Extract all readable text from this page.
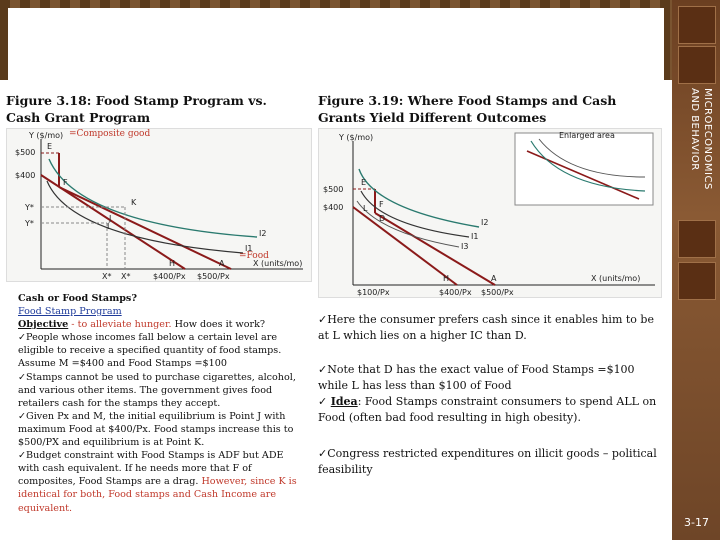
MICROECONOMICS
AND BEHAVIOR
3-17
Figure 3.18: Food Stamp Program vs. Cash Grant Program
Figure 3.19: Where Food Stamps and Cash Grants Yield Different Outcomes
Y ($/mo)
$500
$400
Y*
Y*
X* X*	$400/Px $500/Px
X (units/mo)
E
F
K
J
I
H	A
I2
I1
=Composite good
=Food
Enlarged area
Y ($/mo)
$500
$400
$100/Px	$400/Px $500/Px
X (units/mo)
E
D
L F
I2
I1
I3
H	A

Cash or Food Stamps?

Food Stamp Program

Objective - to alleviate hunger. How does it work?

✓People whose incomes fall below a certain level are eligible to receive a specified quantity of food stamps. Assume M =$400 and Food Stamps =$100

✓Stamps cannot be used to purchase cigarettes, alcohol, and various other items. The government gives food retailers cash for the stamps they accept.

✓Given Px and M, the initial equilibrium is Point J with maximum Food at $400/Px. Food stamps increase this to $500/PX and equilibrium is at Point K.

✓Budget constraint with Food Stamps is ADF but ADE with cash equivalent. If he needs more that F of composites, Food Stamps are a drag. However, since K is identical for both, Food stamps and Cash Income are equivalent.

✓Here the consumer prefers cash since it enables him to be at L which lies on a higher IC than D.
✓Note that D has the exact value of Food Stamps =$100 while L has less than $100 of Food
✓ Idea: Food Stamps constraint consumers to spend ALL on Food (often bad food resulting in high obesity).
✓Congress restricted expenditures on illicit goods – political feasibility
